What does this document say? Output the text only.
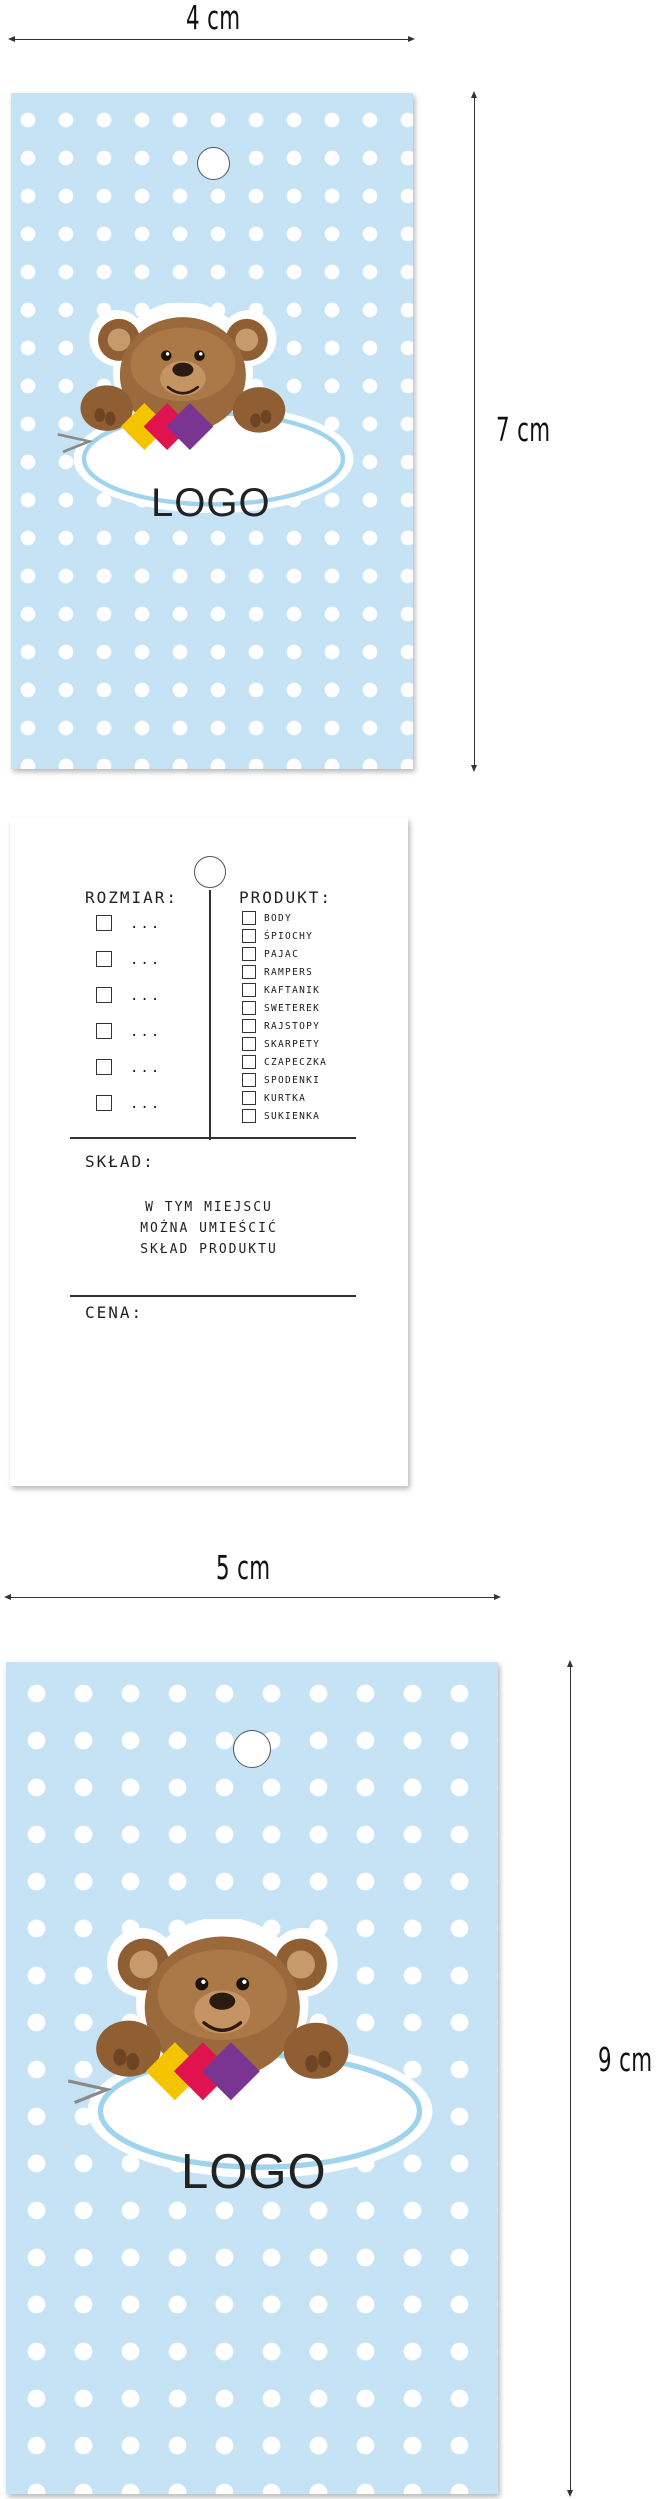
4 cm
7 cm
LOGO
ROZMIAR:	PRODUKT:
...
...
...
...
...
...
BODY
ŚPIOCHY
PAJAC
RAMPERS
KAFTANIK
SWETEREK
RAJSTOPY
SKARPETY
CZAPECZKA
SPODENKI
KURTKA
SUKIENKA
SKŁAD:
W TYM MIEJSCU
MOŻNA UMIEŚCIĆ
SKŁAD PRODUKTU
CENA:
5 cm
9 cm
LOGO
